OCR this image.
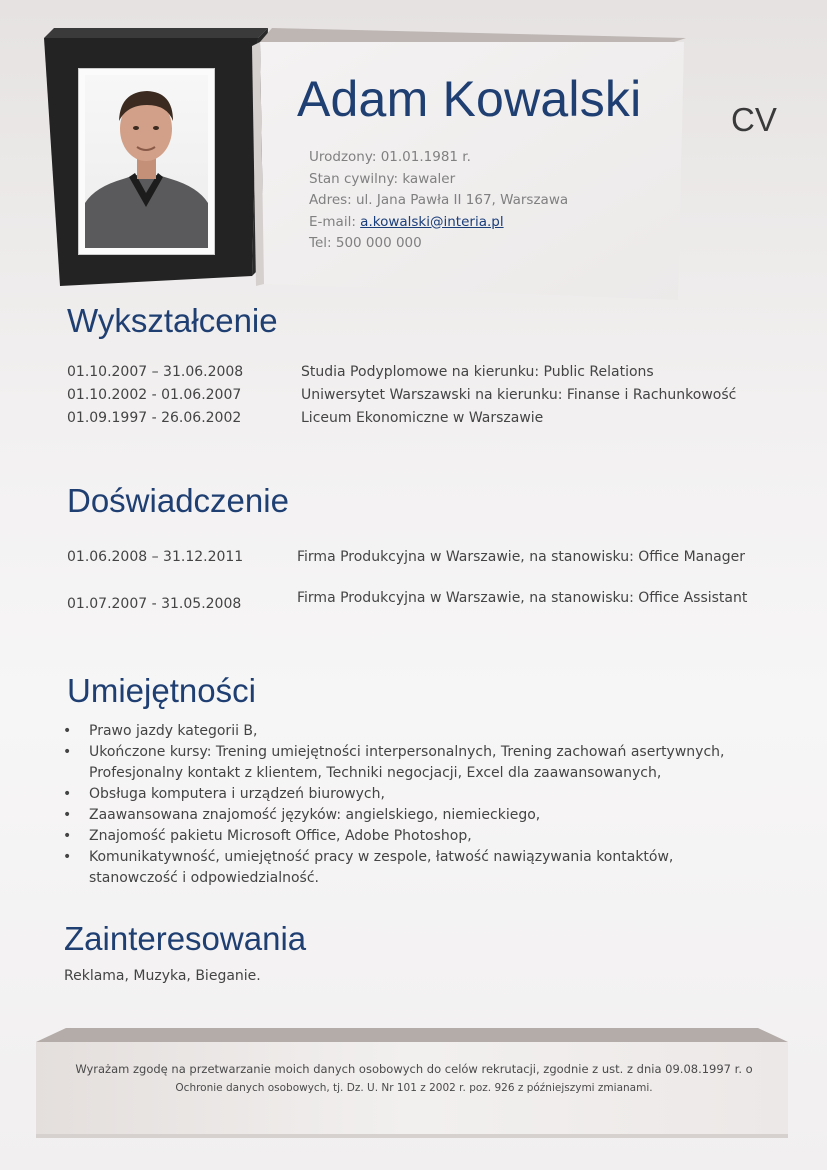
Adam Kowalski	CV
Urodzony: 01.01.1981 r.
Stan cywilny: kawaler
Adres: ul. Jana Pawła II 167, Warszawa
E-mail: a.kowalski@interia.pl
Tel: 500 000 000
Wykształcenie
01.10.2007 – 31.06.2008	Studia Podyplomowe na kierunku: Public Relations
01.10.2002 - 01.06.2007	Uniwersytet Warszawski na kierunku: Finanse i Rachunkowość
01.09.1997 - 26.06.2002	Liceum Ekonomiczne w Warszawie
Doświadczenie
01.06.2008 – 31.12.2011	Firma Produkcyjna w Warszawie, na stanowisku: Office Manager
01.07.2007 - 31.05.2008	Firma Produkcyjna w Warszawie, na stanowisku: Office Assistant
Umiejętności
• Prawo jazdy kategorii B,
• Ukończone kursy: Trening umiejętności interpersonalnych, Trening zachowań asertywnych,
Profesjonalny kontakt z klientem, Techniki negocjacji, Excel dla zaawansowanych,
• Obsługa komputera i urządzeń biurowych,
• Zaawansowana znajomość języków: angielskiego, niemieckiego,
• Znajomość pakietu Microsoft Office, Adobe Photoshop,
• Komunikatywność, umiejętność pracy w zespole, łatwość nawiązywania kontaktów,
stanowczość i odpowiedzialność.
Zainteresowania
Reklama, Muzyka, Bieganie.
Wyrażam zgodę na przetwarzanie moich danych osobowych do celów rekrutacji, zgodnie z ust. z dnia 09.08.1997 r. o
Ochronie danych osobowych, tj. Dz. U. Nr 101 z 2002 r. poz. 926 z późniejszymi zmianami.
